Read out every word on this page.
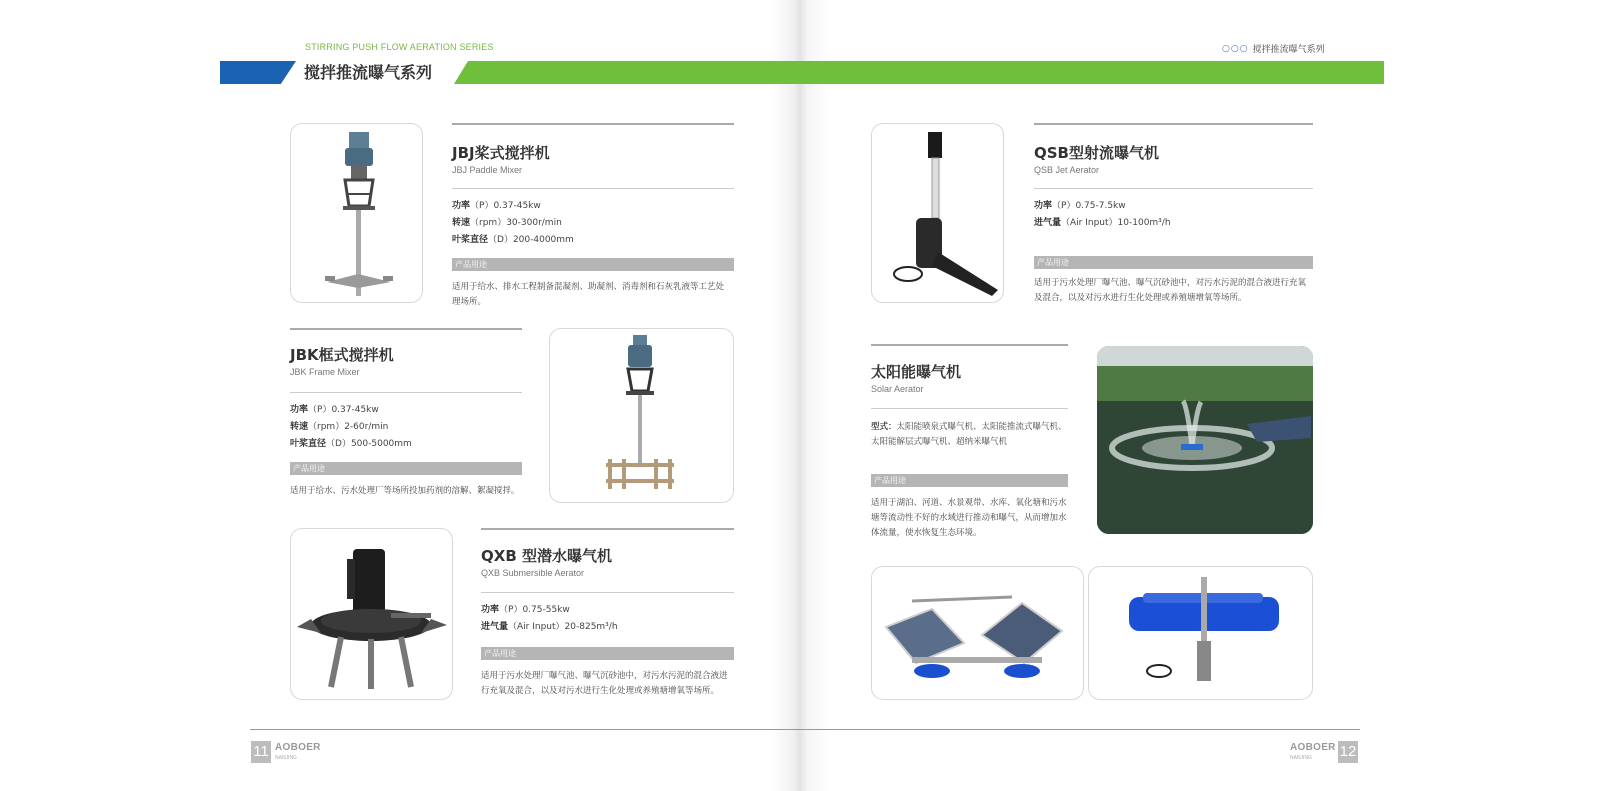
STIRRING PUSH FLOW AERATION SERIES	○○○ 搅拌推流曝气系列
搅拌推流曝气系列
JBJ桨式搅拌机
JBJ Paddle Mixer
功率（P）0.37-45kw
转速（rpm）30-300r/min
叶桨直径（D）200-4000mm
产品用途
适用于给水、排水工程制备混凝剂、助凝剂、消毒剂和石灰乳液等工艺处
理场所。
JBK框式搅拌机
JBK Frame Mixer
功率（P）0.37-45kw
转速（rpm）2-60r/min
叶桨直径（D）500-5000mm
产品用途
适用于给水、污水处理厂等场所投加药剂的溶解、絮凝搅拌。
QXB 型潜水曝气机
QXB Submersible Aerator
功率（P）0.75-55kw
进气量（Air Input）20-825m³/h
产品用途
适用于污水处理厂曝气池、曝气沉砂池中，对污水污泥的混合液进
行充氧及混合，以及对污水进行生化处理或养殖塘增氧等场所。
QSB型射流曝气机
QSB Jet Aerator
功率（P）0.75-7.5kw
进气量（Air Input）10-100m³/h
产品用途
适用于污水处理厂曝气池、曝气沉砂池中，对污水污泥的混合液进行充氧
及混合，以及对污水进行生化处理或养殖塘增氧等场所。
太阳能曝气机
Solar Aerator
型式：太阳能喷泉式曝气机、太阳能推流式曝气机、
太阳能解层式曝气机、超纳米曝气机
产品用途
适用于湖泊、河道、水景观带、水库、氧化塘和污水
塘等流动性不好的水域进行推动和曝气，从而增加水
体流量，使水恢复生态环境。
11 AOBOER
NANJING
AOBOER
NANJING 12
